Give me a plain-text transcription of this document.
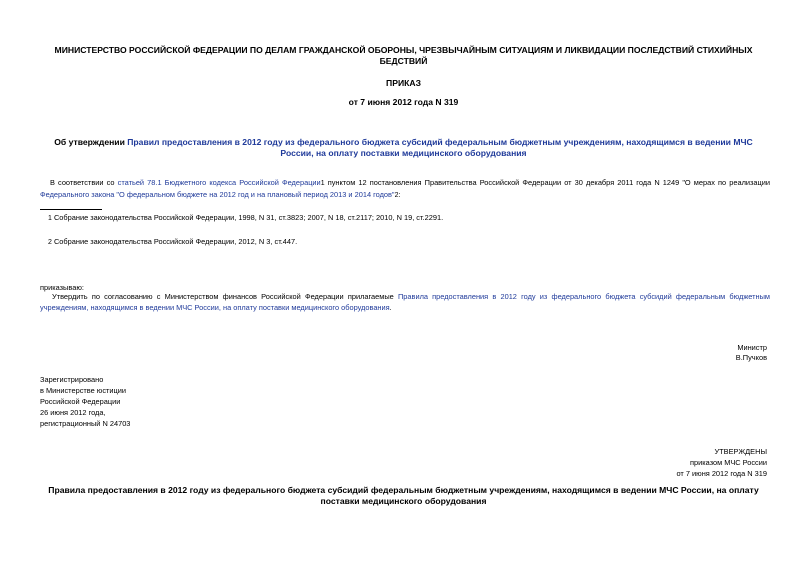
МИНИСТЕРСТВО РОССИЙСКОЙ ФЕДЕРАЦИИ ПО ДЕЛАМ ГРАЖДАНСКОЙ ОБОРОНЫ, ЧРЕЗВЫЧАЙНЫМ СИТУАЦИЯМ И ЛИКВИДАЦИИ ПОСЛЕДСТВИЙ СТИХИЙНЫХ БЕДСТВИЙ
ПРИКАЗ
от 7 июня 2012 года N 319
Об утверждении Правил предоставления в 2012 году из федерального бюджета субсидий федеральным бюджетным учреждениям, находящимся в ведении МЧС России, на оплату поставки медицинского оборудования
В соответствии со статьей 78.1 Бюджетного кодекса Российской Федерации1 пунктом 12 постановления Правительства Российской Федерации от 30 декабря 2011 года N 1249 "О мерах по реализации Федерального закона "О федеральном бюджете на 2012 год и на плановый период 2013 и 2014 годов"2:
1 Собрание законодательства Российской Федерации, 1998, N 31, ст.3823; 2007, N 18, ст.2117; 2010, N 19, ст.2291.
2 Собрание законодательства Российской Федерации, 2012, N 3, ст.447.
приказываю:
Утвердить по согласованию с Министерством финансов Российской Федерации прилагаемые Правила предоставления в 2012 году из федерального бюджета субсидий федеральным бюджетным учреждениям, находящимся в ведении МЧС России, на оплату поставки медицинского оборудования.
Министр
В.Пучков
Зарегистрировано
в Министерстве юстиции
Российской Федерации
26 июня 2012 года,
регистрационный N 24703
УТВЕРЖДЕНЫ
приказом МЧС России
от 7 июня 2012 года N 319
Правила предоставления в 2012 году из федерального бюджета субсидий федеральным бюджетным учреждениям, находящимся в ведении МЧС России, на оплату поставки медицинского оборудования
